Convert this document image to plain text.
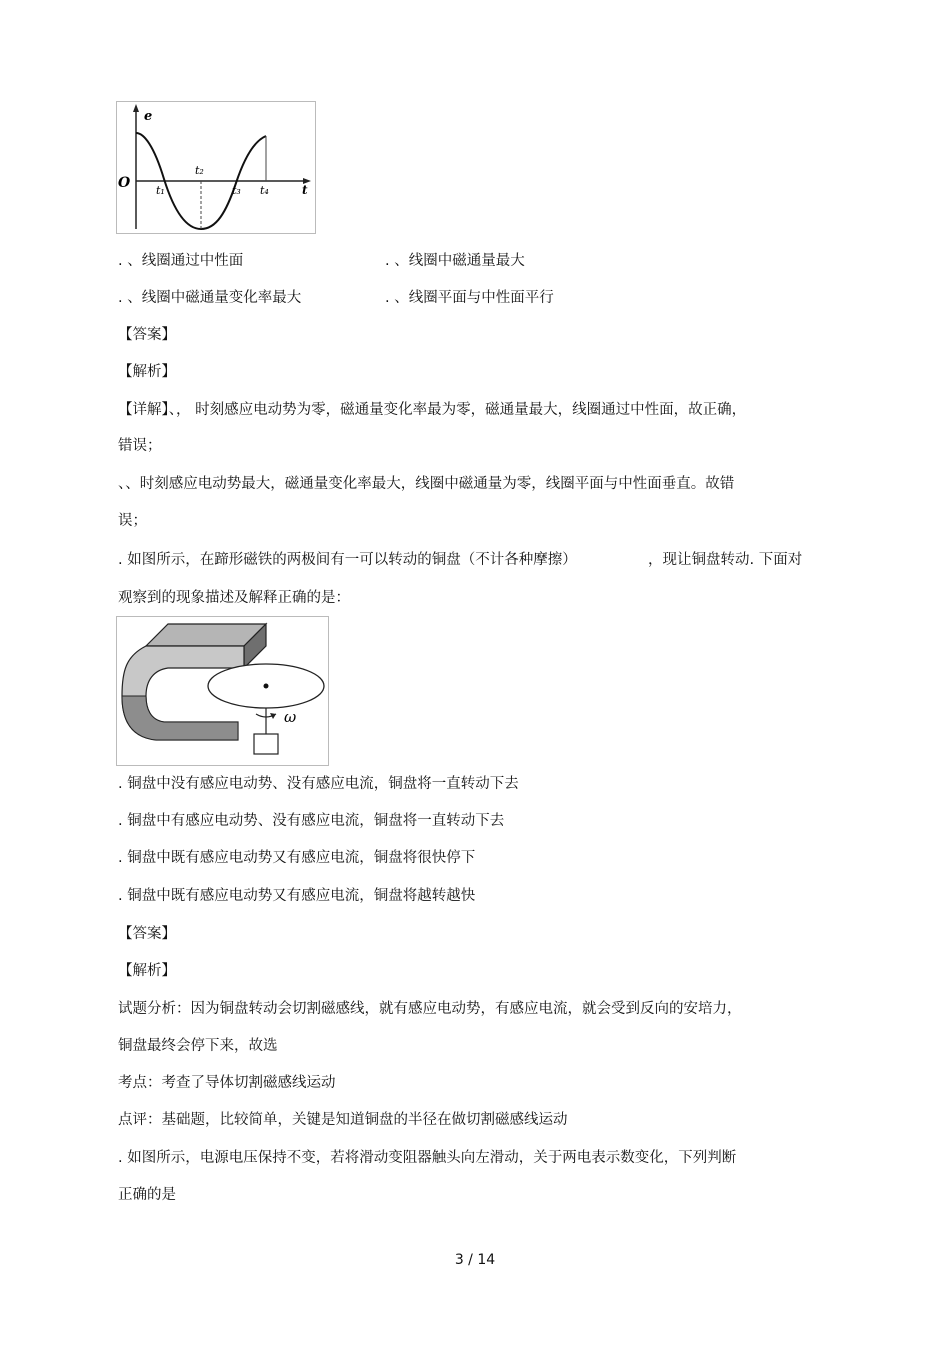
e
O	t
t₁
t₂
t₃ t₄
. 、线圈通过中性面	. 、线圈中磁通量最大
. 、线圈中磁通量变化率最大	. 、线圈平面与中性面平行
【答案】
【解析】
【详解】、， 时刻感应电动势为零，磁通量变化率最为零，磁通量最大，线圈通过中性面，故正确，
错误；
、、时刻感应电动势最大，磁通量变化率最大，线圈中磁通量为零，线圈平面与中性面垂直。故错
误；
. 如图所示，在蹄形磁铁的两极间有一可以转动的铜盘（不计各种摩擦）	，现让铜盘转动. 下面对
观察到的现象描述及解释正确的是：
ω
. 铜盘中没有感应电动势、没有感应电流，铜盘将一直转动下去
. 铜盘中有感应电动势、没有感应电流，铜盘将一直转动下去
. 铜盘中既有感应电动势又有感应电流，铜盘将很快停下
. 铜盘中既有感应电动势又有感应电流，铜盘将越转越快
【答案】
【解析】
试题分析：因为铜盘转动会切割磁感线，就有感应电动势，有感应电流，就会受到反向的安培力，
铜盘最终会停下来，故选
考点：考查了导体切割磁感线运动
点评：基础题，比较简单，关键是知道铜盘的半径在做切割磁感线运动
. 如图所示，电源电压保持不变，若将滑动变阻器触头向左滑动，关于两电表示数变化，下列判断
正确的是
3 / 14
